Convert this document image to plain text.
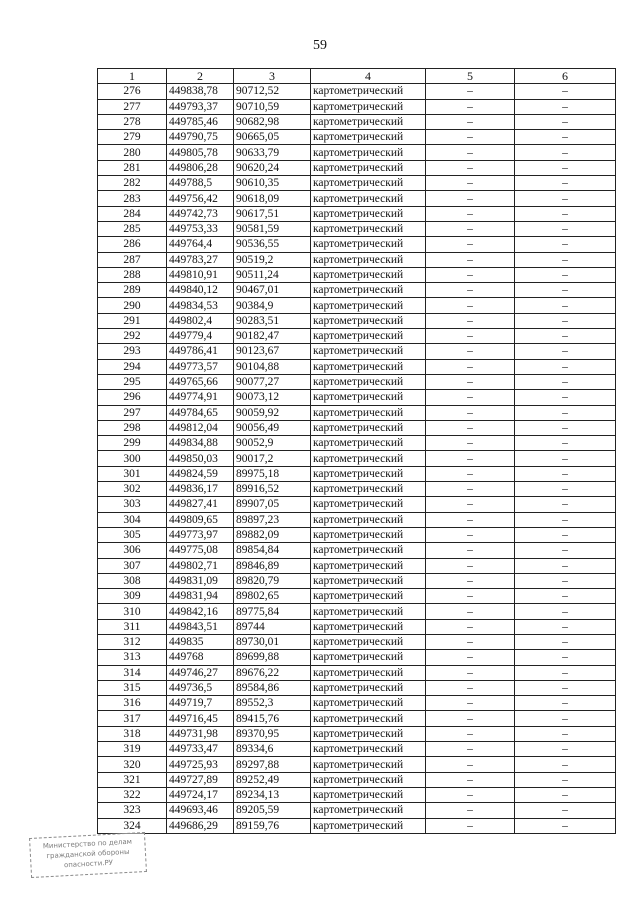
59
1	2	3	4	5	6
276	449838,78	90712,52	картометрический	–	–
277	449793,37	90710,59	картометрический	–	–
278	449785,46	90682,98	картометрический	–	–
279	449790,75	90665,05	картометрический	–	–
280	449805,78	90633,79	картометрический	–	–
281	449806,28	90620,24	картометрический	–	–
282	449788,5	90610,35	картометрический	–	–
283	449756,42	90618,09	картометрический	–	–
284	449742,73	90617,51	картометрический	–	–
285	449753,33	90581,59	картометрический	–	–
286	449764,4	90536,55	картометрический	–	–
287	449783,27	90519,2	картометрический	–	–
288	449810,91	90511,24	картометрический	–	–
289	449840,12	90467,01	картометрический	–	–
290	449834,53	90384,9	картометрический	–	–
291	449802,4	90283,51	картометрический	–	–
292	449779,4	90182,47	картометрический	–	–
293	449786,41	90123,67	картометрический	–	–
294	449773,57	90104,88	картометрический	–	–
295	449765,66	90077,27	картометрический	–	–
296	449774,91	90073,12	картометрический	–	–
297	449784,65	90059,92	картометрический	–	–
298	449812,04	90056,49	картометрический	–	–
299	449834,88	90052,9	картометрический	–	–
300	449850,03	90017,2	картометрический	–	–
301	449824,59	89975,18	картометрический	–	–
302	449836,17	89916,52	картометрический	–	–
303	449827,41	89907,05	картометрический	–	–
304	449809,65	89897,23	картометрический	–	–
305	449773,97	89882,09	картометрический	–	–
306	449775,08	89854,84	картометрический	–	–
307	449802,71	89846,89	картометрический	–	–
308	449831,09	89820,79	картометрический	–	–
309	449831,94	89802,65	картометрический	–	–
310	449842,16	89775,84	картометрический	–	–
311	449843,51	89744	картометрический	–	–
312	449835	89730,01	картометрический	–	–
313	449768	89699,88	картометрический	–	–
314	449746,27	89676,22	картометрический	–	–
315	449736,5	89584,86	картометрический	–	–
316	449719,7	89552,3	картометрический	–	–
317	449716,45	89415,76	картометрический	–	–
318	449731,98	89370,95	картометрический	–	–
319	449733,47	89334,6	картометрический	–	–
320	449725,93	89297,88	картометрический	–	–
321	449727,89	89252,49	картометрический	–	–
322	449724,17	89234,13	картометрический	–	–
323	449693,46	89205,59	картометрический	–	–
324	449686,29	89159,76	картометрический	–	–
Министерство по делам
гражданской обороны
опасности.РУ
